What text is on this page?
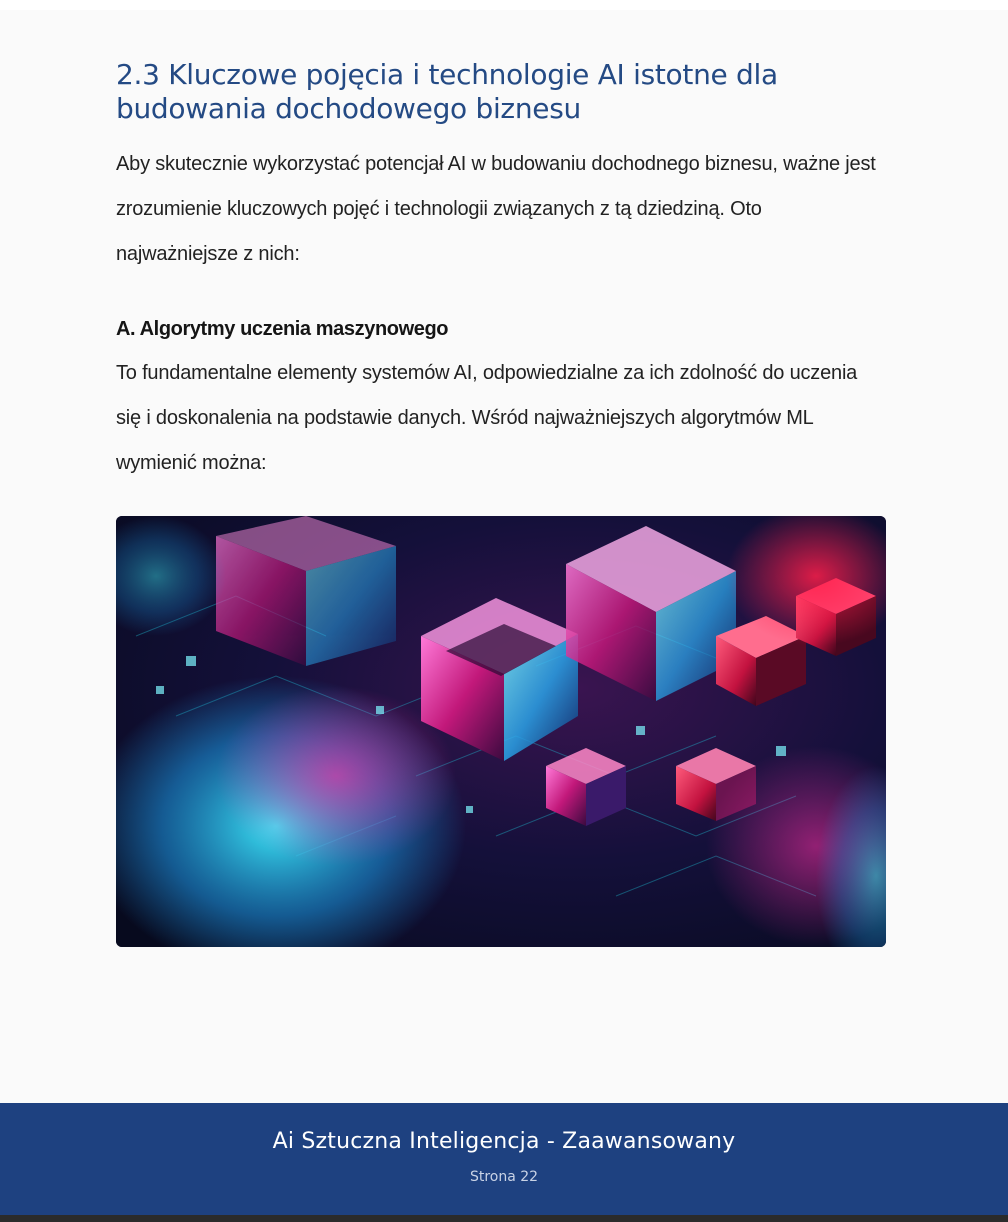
2.3 Kluczowe pojęcia i technologie AI istotne dla budowania dochodowego biznesu

Aby skutecznie wykorzystać potencjał AI w budowaniu dochodnego biznesu, ważne jest zrozumienie kluczowych pojęć i technologii związanych z tą dziedziną. Oto najważniejsze z nich:

A. Algorytmy uczenia maszynowego

To fundamentalne elementy systemów AI, odpowiedzialne za ich zdolność do uczenia się i doskonalenia na podstawie danych. Wśród najważniejszych algorytmów ML wymienić można:

Ai Sztuczna Inteligencja - Zaawansowany
Strona 22
